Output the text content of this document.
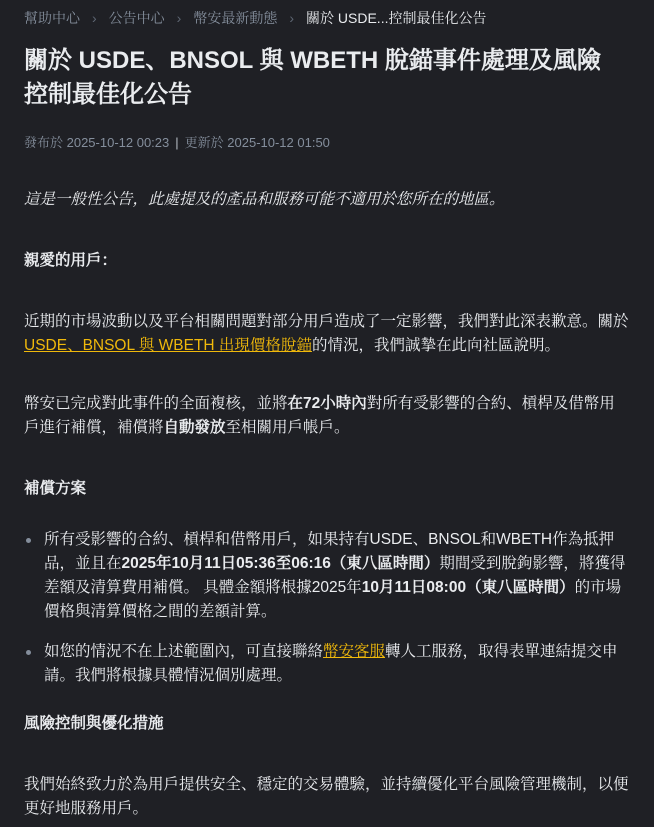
幫助中心 › 公告中心 › 幣安最新動態 › 關於 USDE...控制最佳化公告
關於 USDE、BNSOL 與 WBETH 脫錨事件處理及風險控制最佳化公告
發布於 2025-10-12 00:23 | 更新於 2025-10-12 01:50

這是一般性公告，此處提及的產品和服務可能不適用於您所在的地區。

親愛的用戶：

近期的市場波動以及平台相關問題對部分用戶造成了一定影響，我們對此深表歉意。關於USDE、BNSOL 與 WBETH 出現價格脫錨的情況，我們誠摯在此向社區說明。

幣安已完成對此事件的全面複核，並將在72小時內對所有受影響的合約、槓桿及借幣用戶進行補償，補償將自動發放至相關用戶帳戶。

補償方案

所有受影響的合約、槓桿和借幣用戶，如果持有USDE、BNSOL和WBETH作為抵押品，並且在2025年10月11日05:36至06:16（東八區時間）期間受到脫鉤影響，將獲得差額及清算費用補償。 具體金額將根據2025年10月11日08:00（東八區時間）的市場價格與清算價格之間的差額計算。
如您的情況不在上述範圍內，可直接聯絡幣安客服轉人工服務，取得表單連結提交申請。我們將根據具體情況個別處理。

風險控制與優化措施

我們始終致力於為用戶提供安全、穩定的交易體驗，並持續優化平台風險管理機制，以便更好地服務用戶。
